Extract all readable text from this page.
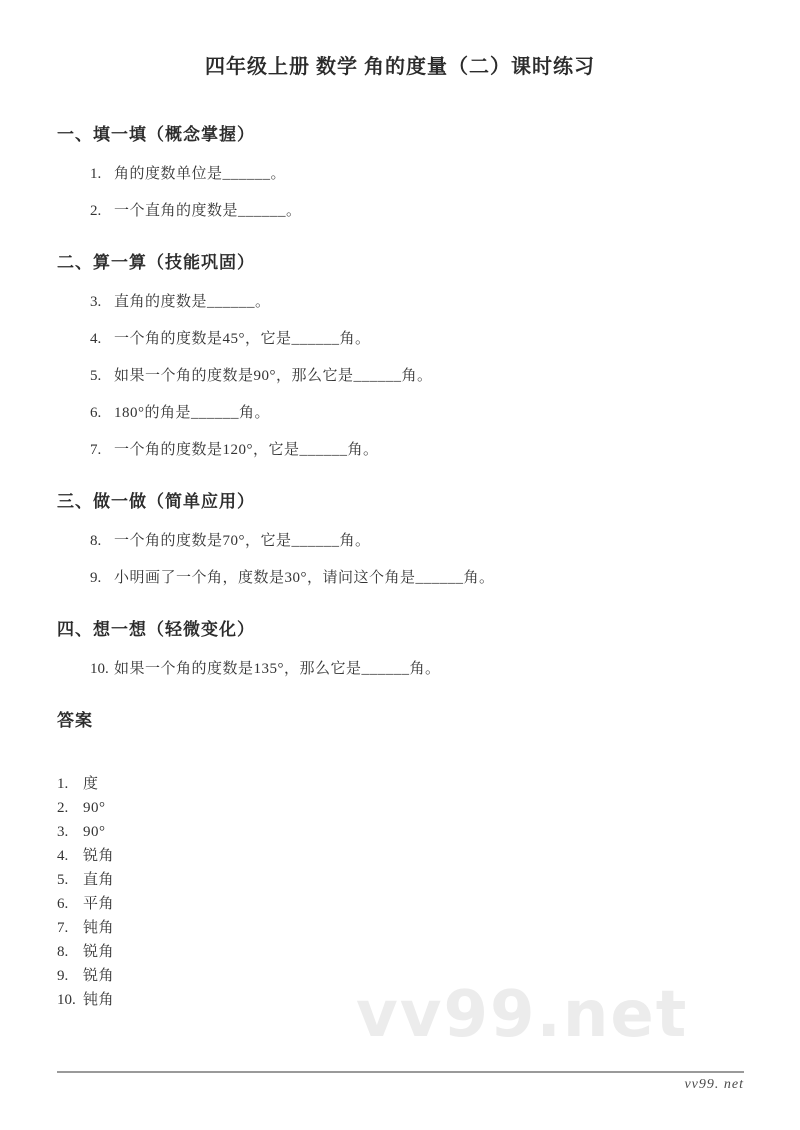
vv99.net
四年级上册 数学 角的度量（二）课时练习
一、填一填（概念掌握）
1. 角的度数单位是______。
2. 一个直角的度数是______。
二、算一算（技能巩固）
3. 直角的度数是______。
4. 一个角的度数是45°，它是______角。
5. 如果一个角的度数是90°，那么它是______角。
6. 180°的角是______角。
7. 一个角的度数是120°，它是______角。
三、做一做（简单应用）
8. 一个角的度数是70°，它是______角。
9. 小明画了一个角，度数是30°，请问这个角是______角。
四、想一想（轻微变化）
10. 如果一个角的度数是135°，那么它是______角。
答案
1. 度
2. 90°
3. 90°
4. 锐角
5. 直角
6. 平角
7. 钝角
8. 锐角
9. 锐角
10. 钝角
vv99. net
